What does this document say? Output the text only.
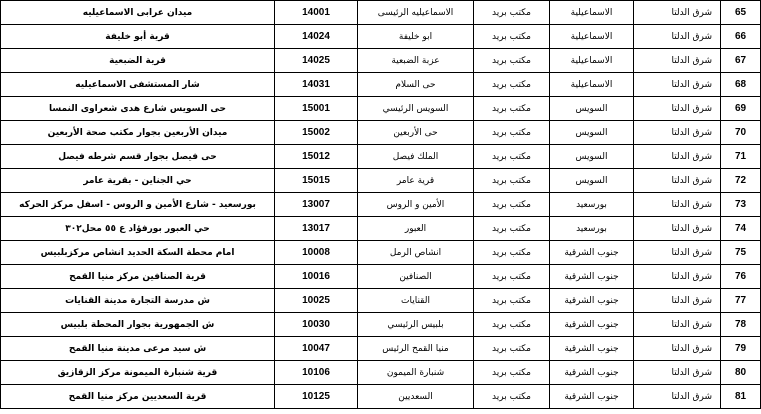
65	شرق الدلتا	الاسماعيلية	مكتب بريد	الاسماعيليه الرئيسى	14001	ميدان عرابى الاسماعيليه
66	شرق الدلتا	الاسماعيلية	مكتب بريد	ابو خليفة	14024	قرية أبو خليفة
67	شرق الدلتا	الاسماعيلية	مكتب بريد	عزبة الضبعية	14025	قرية الضبعية
68	شرق الدلتا	الاسماعيلية	مكتب بريد	حى السلام	14031	شار المستشفى الاسماعيليه
69	شرق الدلتا	السويس	مكتب بريد	السويس الرئيسي	15001	حى السويس شارع هدى شعراوى النمسا
70	شرق الدلتا	السويس	مكتب بريد	حى الأربعين	15002	ميدان الأربعين بجوار مكتب صحة الأربعين
71	شرق الدلتا	السويس	مكتب بريد	الملك فيصل	15012	حى فيصل بجوار قسم شرطه فيصل
72	شرق الدلتا	السويس	مكتب بريد	قرية عامر	15015	حي الجناين - بقرية عامر
73	شرق الدلتا	بورسعيد	مكتب بريد	الأمين و الروس	13007	بورسعيد - شارع الأمين و الروس - اسفل مركز الحركه
74	شرق الدلتا	بورسعيد	مكتب بريد	العبور	13017	حي العبور بورفؤاد ع ٥٥ محل٣٠٢
75	شرق الدلتا	جنوب الشرقية	مكتب بريد	انشاص الرمل	10008	امام محطة السكة الحديد انشاص مركزبلبيس
76	شرق الدلتا	جنوب الشرقية	مكتب بريد	الصنافين	10016	قرية الصنافين مركز منيا القمح
77	شرق الدلتا	جنوب الشرقية	مكتب بريد	القنايات	10025	ش مدرسة التجارة مدينة القنايات
78	شرق الدلتا	جنوب الشرقية	مكتب بريد	بلبيس الرئيسي	10030	ش الجمهورية بجوار المحطة بلبيس
79	شرق الدلتا	جنوب الشرقية	مكتب بريد	منيا القمح الرئيس	10047	ش سيد مرعى مدينة منيا القمح
80	شرق الدلتا	جنوب الشرقية	مكتب بريد	شنبارة الميمون	10106	قرية شنبارة الميمونة مركز الزقازيق
81	شرق الدلتا	جنوب الشرقية	مكتب بريد	السعديين	10125	قرية السعديين مركز منيا القمح
